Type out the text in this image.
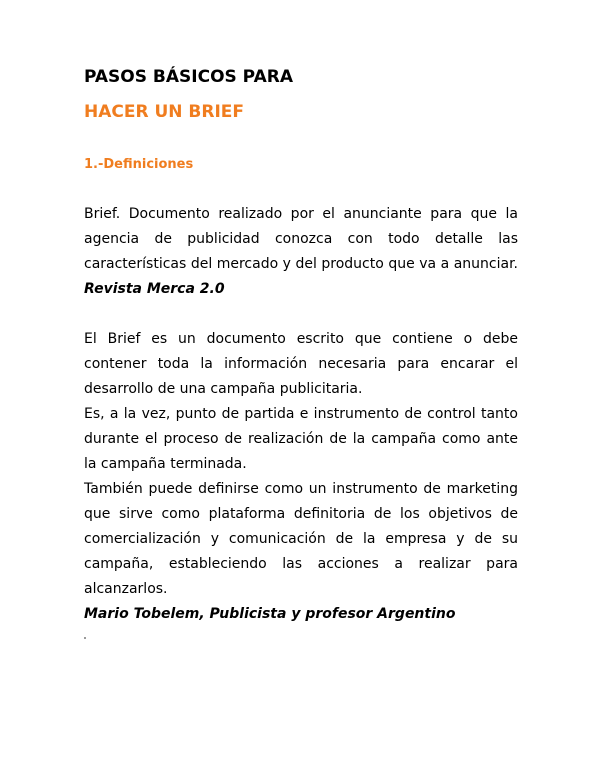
PASOS BÁSICOS PARA
HACER UN BRIEF
1.-Definiciones

Brief. Documento realizado por el anunciante para que la agencia de publicidad conozca con todo detalle las características del mercado y del producto que va a anunciar.

Revista Merca 2.0

El Brief es un documento escrito que contiene o debe contener toda la información necesaria para encarar el desarrollo de una campaña publicitaria.

Es, a la vez, punto de partida e instrumento de control tanto durante el proceso de realización de la campaña como ante la campaña terminada.

También puede definirse como un instrumento de marketing que sirve como plataforma definitoria de los objetivos de comercialización y comunicación de la empresa y de su campaña, estableciendo las acciones a realizar para alcanzarlos.

Mario Tobelem, Publicista y profesor Argentino
